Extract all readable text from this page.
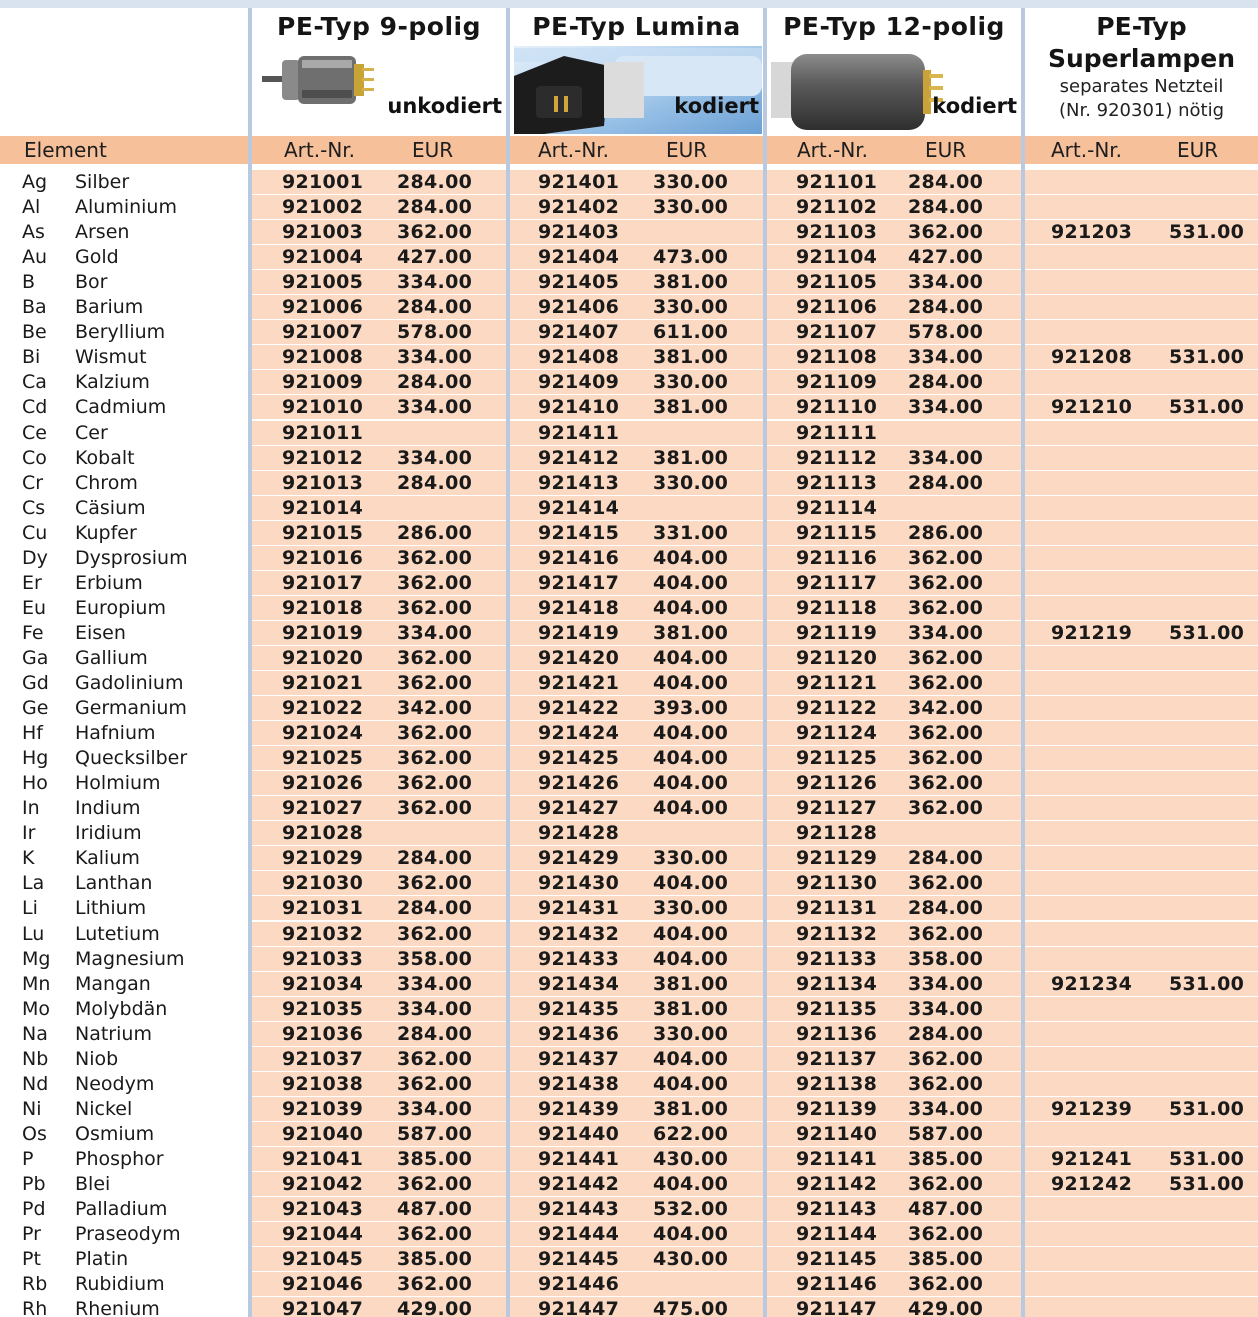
PE-Typ 9-polig
unkodiert
PE-Typ Lumina
kodiert
PE-Typ 12-polig
kodiert
PE-Typ
Superlampen
separates Netzteil
(Nr. 920301) nötig
Element	Art.-Nr.	EUR	Art.-Nr.	EUR	Art.-Nr.	EUR	Art.-Nr.	EUR
Ag Silber	921001 284.00	921401 330.00	921101 284.00
Al Aluminium	921002 284.00	921402 330.00	921102 284.00
As Arsen	921003 362.00	921403	921103 362.00	921203 531.00
Au Gold	921004 427.00	921404 473.00	921104 427.00
B Bor	921005 334.00	921405 381.00	921105 334.00
Ba Barium	921006 284.00	921406 330.00	921106 284.00
Be Beryllium	921007 578.00	921407 611.00	921107 578.00
Bi Wismut	921008 334.00	921408 381.00	921108 334.00	921208 531.00
Ca Kalzium	921009 284.00	921409 330.00	921109 284.00
Cd Cadmium	921010 334.00	921410 381.00	921110 334.00	921210 531.00
Ce Cer	921011	921411	921111
Co Kobalt	921012 334.00	921412 381.00	921112 334.00
Cr Chrom	921013 284.00	921413 330.00	921113 284.00
Cs Cäsium	921014	921414	921114
Cu Kupfer	921015 286.00	921415 331.00	921115 286.00
Dy Dysprosium	921016 362.00	921416 404.00	921116 362.00
Er Erbium	921017 362.00	921417 404.00	921117 362.00
Eu Europium	921018 362.00	921418 404.00	921118 362.00
Fe Eisen	921019 334.00	921419 381.00	921119 334.00	921219 531.00
Ga Gallium	921020 362.00	921420 404.00	921120 362.00
Gd Gadolinium	921021 362.00	921421 404.00	921121 362.00
Ge Germanium	921022 342.00	921422 393.00	921122 342.00
Hf Hafnium	921024 362.00	921424 404.00	921124 362.00
Hg Quecksilber	921025 362.00	921425 404.00	921125 362.00
Ho Holmium	921026 362.00	921426 404.00	921126 362.00
In Indium	921027 362.00	921427 404.00	921127 362.00
Ir Iridium	921028	921428	921128
K Kalium	921029 284.00	921429 330.00	921129 284.00
La Lanthan	921030 362.00	921430 404.00	921130 362.00
Li Lithium	921031 284.00	921431 330.00	921131 284.00
Lu Lutetium	921032 362.00	921432 404.00	921132 362.00
Mg Magnesium	921033 358.00	921433 404.00	921133 358.00
Mn Mangan	921034 334.00	921434 381.00	921134 334.00	921234 531.00
Mo Molybdän	921035 334.00	921435 381.00	921135 334.00
Na Natrium	921036 284.00	921436 330.00	921136 284.00
Nb Niob	921037 362.00	921437 404.00	921137 362.00
Nd Neodym	921038 362.00	921438 404.00	921138 362.00
Ni Nickel	921039 334.00	921439 381.00	921139 334.00	921239 531.00
Os Osmium	921040 587.00	921440 622.00	921140 587.00
P Phosphor	921041 385.00	921441 430.00	921141 385.00	921241 531.00
Pb Blei	921042 362.00	921442 404.00	921142 362.00	921242 531.00
Pd Palladium	921043 487.00	921443 532.00	921143 487.00
Pr Praseodym	921044 362.00	921444 404.00	921144 362.00
Pt Platin	921045 385.00	921445 430.00	921145 385.00
Rb Rubidium	921046 362.00	921446	921146 362.00
Rh Rhenium	921047 429.00	921447 475.00	921147 429.00
